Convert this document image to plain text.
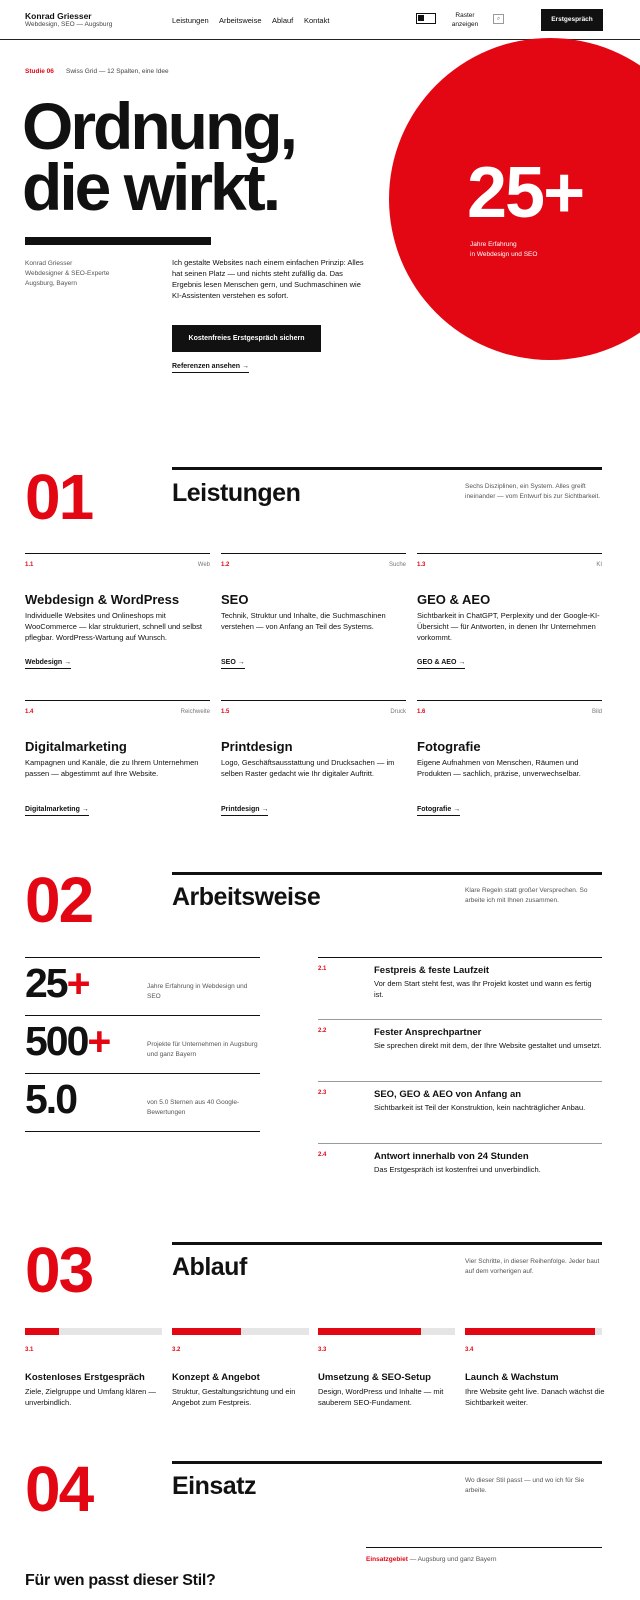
Konrad Griesser
Webdesign, SEO — Augsburg	Leistungen Arbeitsweise Ablauf Kontakt
Raster anzeigen
⌕	Erstgespräch
25+
Jahre Erfahrung
in Webdesign und SEO
Studie 06 Swiss Grid — 12 Spalten, eine Idee
Ordnung,
die wirkt.
Konrad Griesser
Webdesigner & SEO-Experte
Augsburg, Bayern
Ich gestalte Websites nach einem einfachen Prinzip: Alles hat seinen Platz — und nichts steht zufällig da. Das Ergebnis lesen Menschen gern, und Suchmaschinen wie KI-Assistenten verstehen es sofort.
Kostenfreies Erstgespräch sichern
Referenzen ansehen →
01	Leistungen	Sechs Disziplinen, ein System. Alles greift ineinander — vom Entwurf bis zur Sichtbarkeit.
1.1	Web
Webdesign & WordPress
Individuelle Websites und Onlineshops mit WooCommerce — klar strukturiert, schnell und selbst pflegbar. WordPress-Wartung auf Wunsch.
Webdesign →
1.2	Suche
SEO
Technik, Struktur und Inhalte, die Suchmaschinen verstehen — von Anfang an Teil des Systems.
SEO →
1.3	KI
GEO & AEO
Sichtbarkeit in ChatGPT, Perplexity und der Google-KI-Übersicht — für Antworten, in denen Ihr Unternehmen vorkommt.
GEO & AEO →
1.4	Reichweite
Digitalmarketing
Kampagnen und Kanäle, die zu Ihrem Unternehmen passen — abgestimmt auf Ihre Website.
Digitalmarketing →
1.5	Druck
Printdesign
Logo, Geschäftsausstattung und Drucksachen — im selben Raster gedacht wie Ihr digitaler Auftritt.
Printdesign →
1.6	Bild
Fotografie
Eigene Aufnahmen von Menschen, Räumen und Produkten — sachlich, präzise, unverwechselbar.
Fotografie →
02	Arbeitsweise	Klare Regeln statt großer Versprechen. So arbeite ich mit Ihnen zusammen.
25+	Jahre Erfahrung in Webdesign und SEO
500+	Projekte für Unternehmen in Augsburg und ganz Bayern
5.0	von 5.0 Sternen aus 40 Google-Bewertungen
2.1	Festpreis & feste Laufzeit
Vor dem Start steht fest, was Ihr Projekt kostet und wann es fertig ist.
2.2	Fester Ansprechpartner
Sie sprechen direkt mit dem, der Ihre Website gestaltet und umsetzt.
2.3	SEO, GEO & AEO von Anfang an
Sichtbarkeit ist Teil der Konstruktion, kein nachträglicher Anbau.
2.4	Antwort innerhalb von 24 Stunden
Das Erstgespräch ist kostenfrei und unverbindlich.
03	Ablauf	Vier Schritte, in dieser Reihenfolge. Jeder baut auf dem vorherigen auf.
3.1
Kostenloses Erstgespräch
Ziele, Zielgruppe und Umfang klären — unverbindlich.
3.2
Konzept & Angebot
Struktur, Gestaltungsrichtung und ein Angebot zum Festpreis.
3.3
Umsetzung & SEO-Setup
Design, WordPress und Inhalte — mit sauberem SEO-Fundament.
3.4
Launch & Wachstum
Ihre Website geht live. Danach wächst die Sichtbarkeit weiter.
04	Einsatz	Wo dieser Stil passt — und wo ich für Sie arbeite.
Für wen passt dieser Stil?
Einsatzgebiet — Augsburg und ganz Bayern
